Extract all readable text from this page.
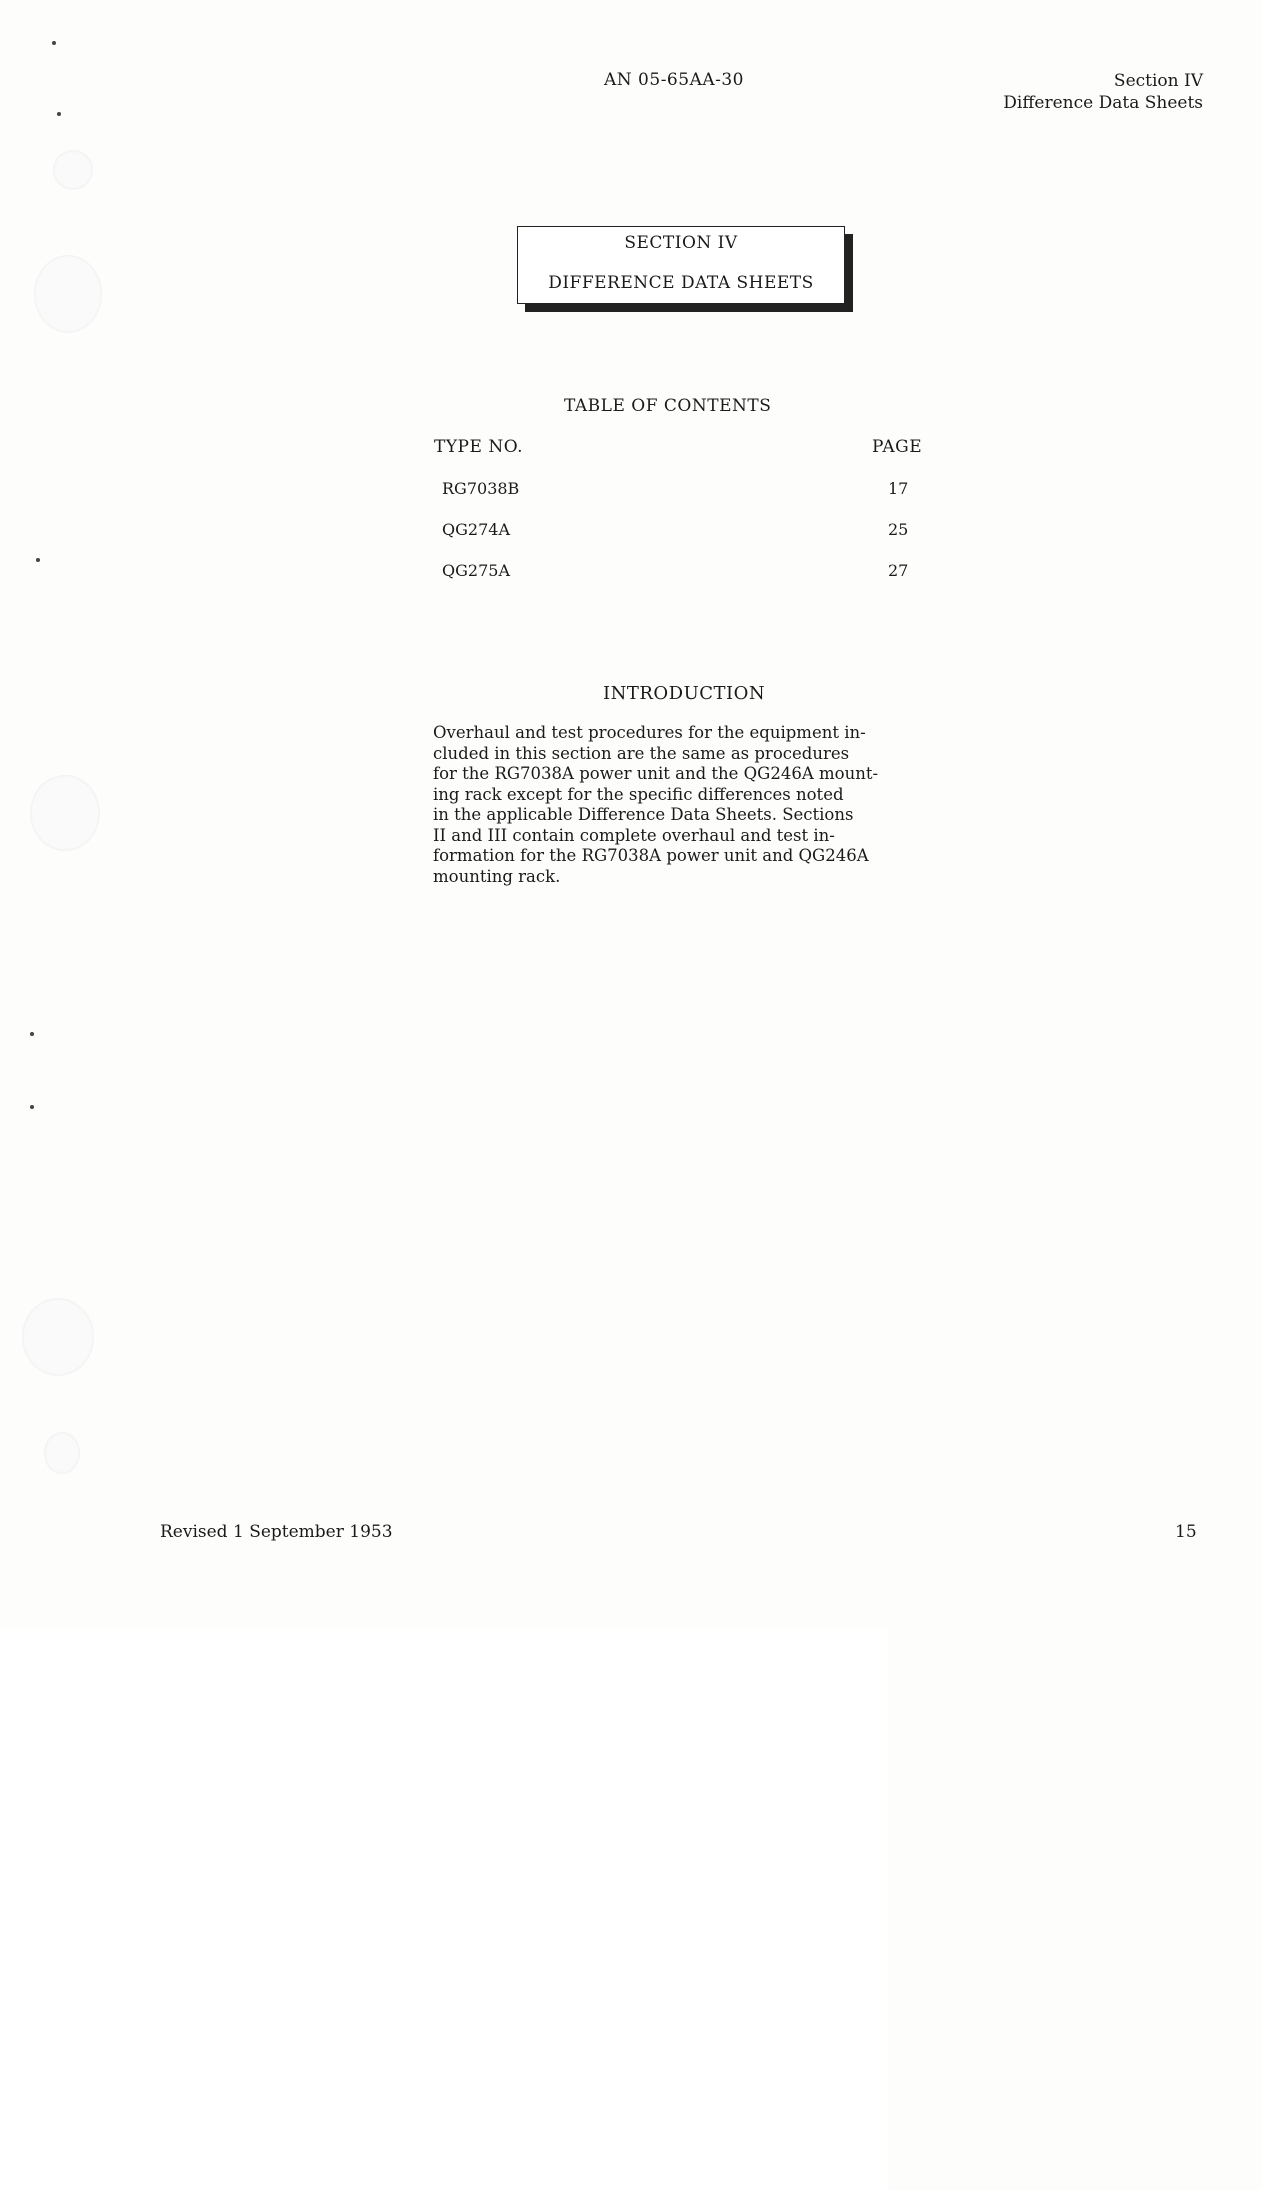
AN 05-65AA-30	Section IV
Difference Data Sheets
SECTION IV
DIFFERENCE DATA SHEETS
TABLE OF CONTENTS
TYPE NO.	PAGE
RG7038B	17
QG274A	25
QG275A	27
INTRODUCTION
Overhaul and test procedures for the equipment in-
cluded in this section are the same as procedures
for the RG7038A power unit and the QG246A mount-
ing rack except for the specific differences noted
in the applicable Difference Data Sheets. Sections
II and III contain complete overhaul and test in-
formation for the RG7038A power unit and QG246A
mounting rack.
Revised 1 September 1953	15
